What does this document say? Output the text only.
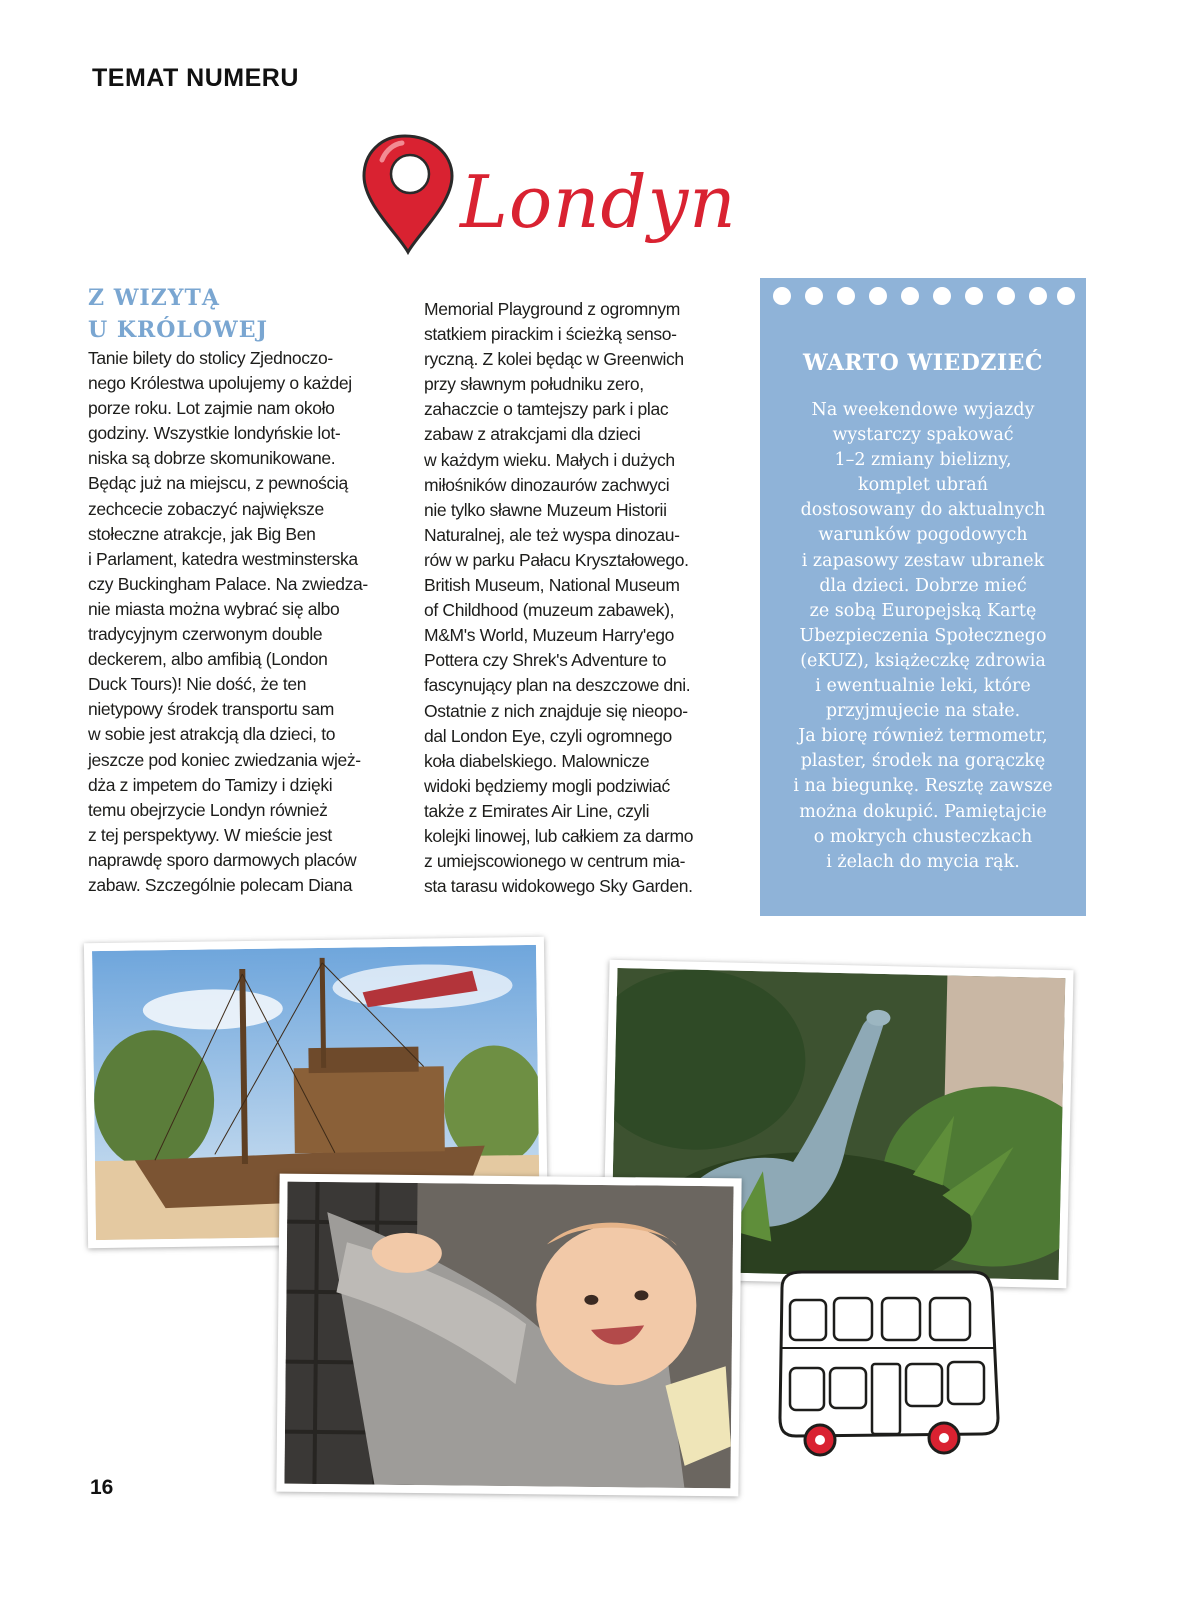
TEMAT NUMERU
Londyn
Z WIZYTĄ
U KRÓLOWEJ
Tanie bilety do stolicy Zjednoczo-
nego Królestwa upolujemy o każdej
porze roku. Lot zajmie nam około
godziny. Wszystkie londyńskie lot-
niska są dobrze skomunikowane.
Będąc już na miejscu, z pewnością
zechcecie zobaczyć największe
stołeczne atrakcje, jak Big Ben
i Parlament, katedra westminsterska
czy Buckingham Palace. Na zwiedza-
nie miasta można wybrać się albo
tradycyjnym czerwonym double
deckerem, albo amfibią (London
Duck Tours)! Nie dość, że ten
nietypowy środek transportu sam
w sobie jest atrakcją dla dzieci, to
jeszcze pod koniec zwiedzania wjeż-
dża z impetem do Tamizy i dzięki
temu obejrzycie Londyn również
z tej perspektywy. W mieście jest
naprawdę sporo darmowych placów
zabaw. Szczególnie polecam Diana
Memorial Playground z ogromnym
statkiem pirackim i ścieżką senso-
ryczną. Z kolei będąc w Greenwich
przy sławnym południku zero,
zahaczcie o tamtejszy park i plac
zabaw z atrakcjami dla dzieci
w każdym wieku. Małych i dużych
miłośników dinozaurów zachwyci
nie tylko sławne Muzeum Historii
Naturalnej, ale też wyspa dinozau-
rów w parku Pałacu Kryształowego.
British Museum, National Museum
of Childhood (muzeum zabawek),
M&M's World, Muzeum Harry'ego
Pottera czy Shrek's Adventure to
fascynujący plan na deszczowe dni.
Ostatnie z nich znajduje się nieopo-
dal London Eye, czyli ogromnego
koła diabelskiego. Malownicze
widoki będziemy mogli podziwiać
także z Emirates Air Line, czyli
kolejki linowej, lub całkiem za darmo
z umiejscowionego w centrum mia-
sta tarasu widokowego Sky Garden.
WARTO WIEDZIEĆ
Na weekendowe wyjazdy
wystarczy spakować
1–2 zmiany bielizny,
komplet ubrań
dostosowany do aktualnych
warunków pogodowych
i zapasowy zestaw ubranek
dla dzieci. Dobrze mieć
ze sobą Europejską Kartę
Ubezpieczenia Społecznego
(eKUZ), książeczkę zdrowia
i ewentualnie leki, które
przyjmujecie na stałe.
Ja biorę również termometr,
plaster, środek na gorączkę
i na biegunkę. Resztę zawsze
można dokupić. Pamiętajcie
o mokrych chusteczkach
i żelach do mycia rąk.
16
